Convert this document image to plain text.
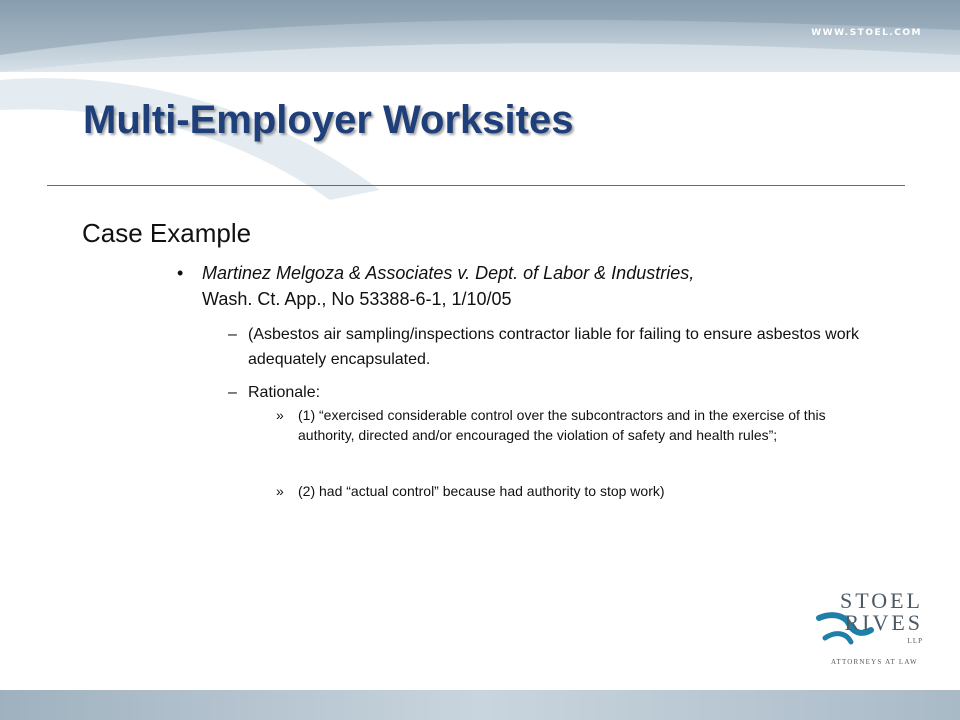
WWW.STOEL.COM
Multi-Employer Worksites
Case Example
• Martinez Melgoza & Associates v. Dept. of Labor & Industries,
Wash. Ct. App., No 53388-6-1, 1/10/05
– (Asbestos air sampling/inspections contractor liable for failing to ensure asbestos work adequately encapsulated.
– Rationale:
» (1) “exercised considerable control over the subcontractors and in the exercise of this authority, directed and/or encouraged the violation of safety and health rules”;
» (2) had “actual control” because had authority to stop work)
STOEL
RIVES
LLP
ATTORNEYS AT LAW
